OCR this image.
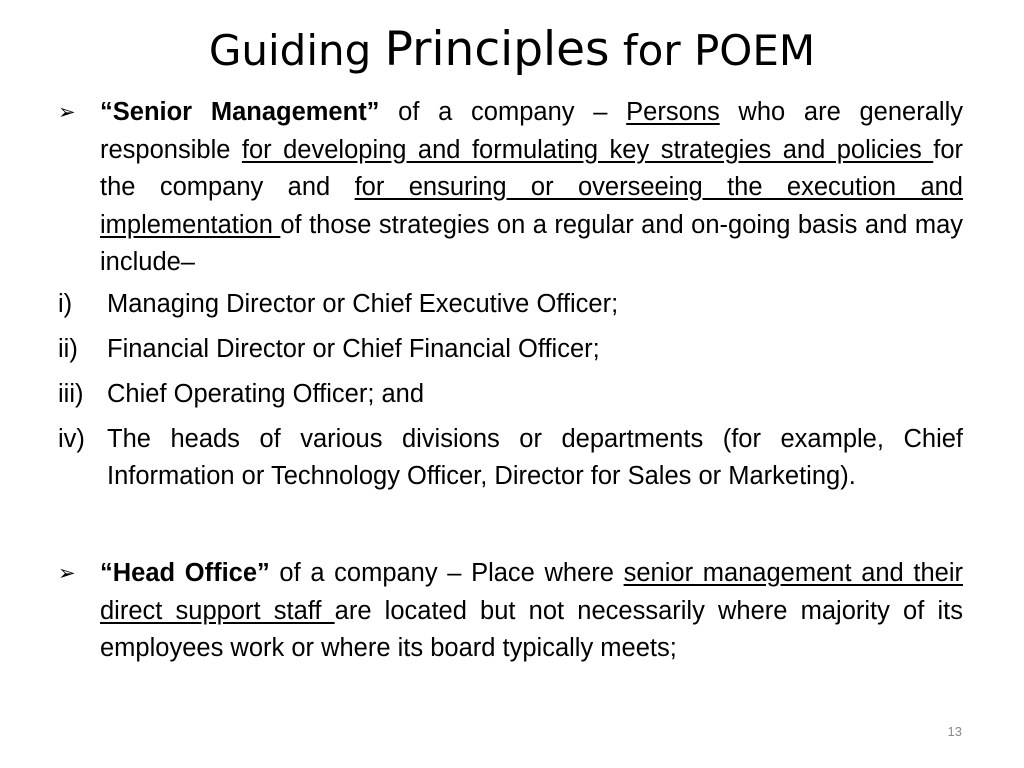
Guiding Principles for POEM
➢ “Senior Management” of a company – Persons who are generally responsible for developing and formulating key strategies and policies for the company and for ensuring or overseeing the execution and implementation of those strategies on a regular and on-going basis and may include–
i)	Managing Director or Chief Executive Officer;
ii)	Financial Director or Chief Financial Officer;
iii) Chief Operating Officer; and
iv) The heads of various divisions or departments (for example, Chief Information or Technology Officer, Director for Sales or Marketing).
➢ “Head Office” of a company – Place where senior management and their direct support staff are located but not necessarily where majority of its employees work or where its board typically meets;
13
